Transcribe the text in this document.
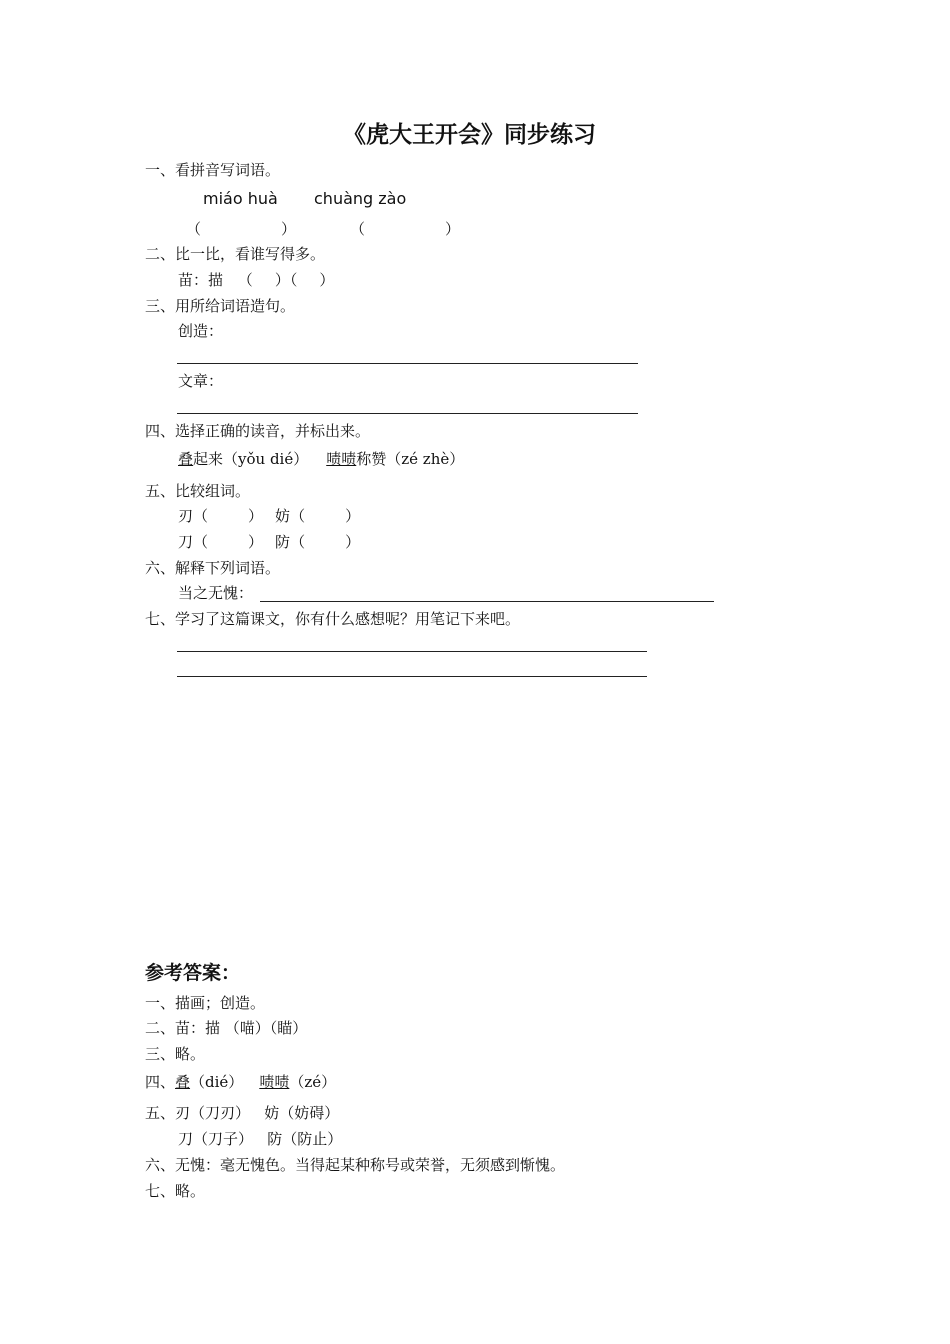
《虎大王开会》同步练习
一、看拼音写词语。
miáo huà chuàng zào
（	）	（	）
二、比一比，看谁写得多。
苗：描 （ ）（ ）
三、用所给词语造句。
创造：
文章：
四、选择正确的读音，并标出来。
叠起来（yǒu dié） 啧啧称赞（zé zhè）
五、比较组词。
刃（	） 妨（	）
刀（	） 防（	）
六、解释下列词语。
当之无愧：
七、学习了这篇课文，你有什么感想呢？用笔记下来吧。
参考答案：
一、描画；创造。
二、苗：描 （喵）（瞄）
三、略。
四、叠（dié） 啧啧（zé）
五、刃（刀刃）   妨（妨碍）
刀（刀子）   防（防止）
六、无愧：毫无愧色。当得起某种称号或荣誉，无须感到惭愧。
七、略。
